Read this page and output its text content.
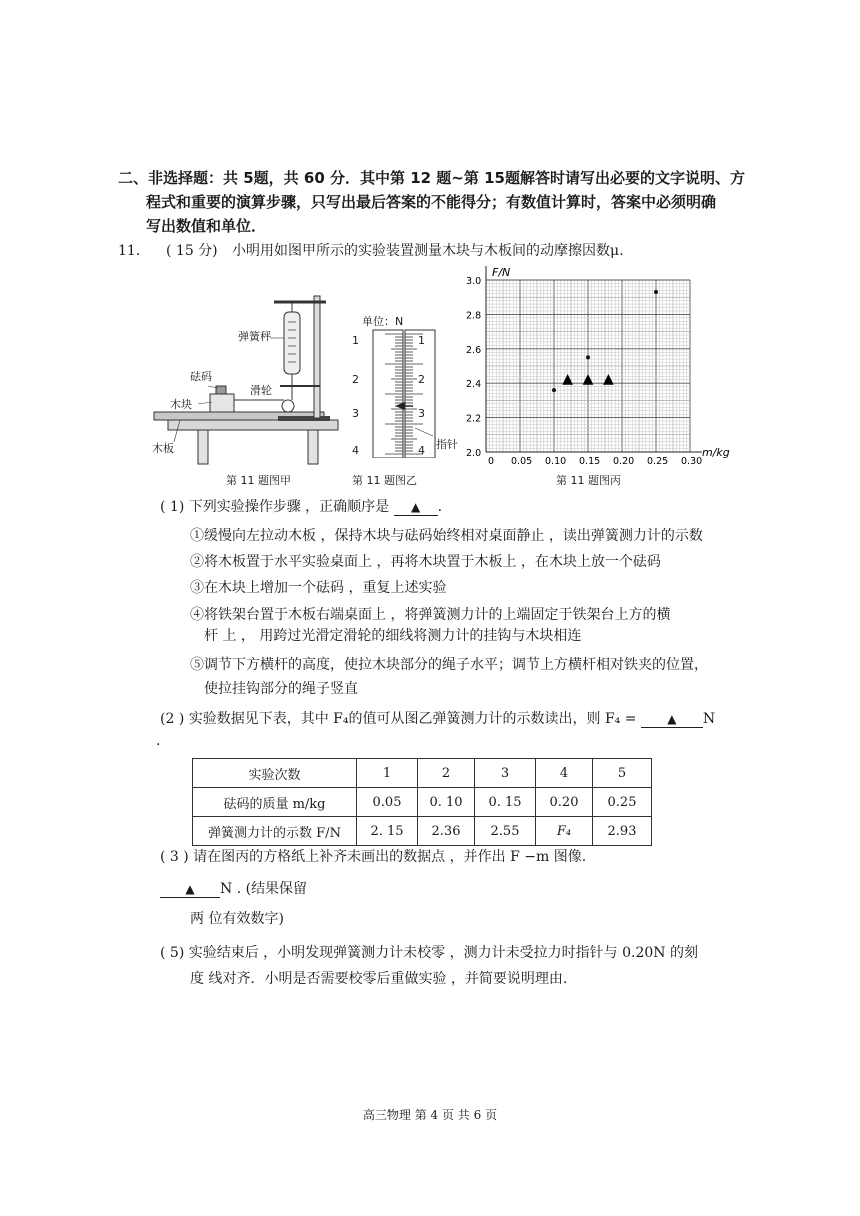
二、非选择题：共 5题，共 60 分．其中第 12 题~第 15题解答时请写出必要的文字说明、方
程式和重要的演算步骤，只写出最后答案的不能得分；有数值计算时，答案中必须明确
写出数值和单位．
11． ( 15 分) 小明用如图甲所示的实验装置测量木块与木板间的动摩擦因数μ.
弹簧秤
砝码
滑轮
木块
木板
单位：N
1
2
3
4
1
2
3
4 指针
0 0.05 0.10 0.15 0.20 0.25 0.30
2.0
2.2
2.4
2.6
2.8
3.0
▲ ▲ ▲
F/N
m/kg
第 11 题图甲	第 11 题图乙	第 11 题图丙
( 1) 下列实验操作步骤 ，正确顺序是 ▲ .
①缓慢向左拉动木板 ，保持木块与砝码始终相对桌面静止 ，读出弹簧测力计的示数
②将木板置于水平实验桌面上 ，再将木块置于木板上 ，在木块上放一个砝码
③在木块上增加一个砝码 ，重复上述实验
④将铁架台置于木板右端桌面上 ，将弹簧测力计的上端固定于铁架台上方的横
杆 上 ， 用跨过光滑定滑轮的细线将测力计的挂钩与木块相连
⑤调节下方横杆的高度，使拉木块部分的绳子水平；调节上方横杆相对铁夹的位置，
使拉挂钩部分的绳子竖直
(2 ) 实验数据见下表，其中 F₄的值可从图乙弹簧测力计的示数读出，则 F₄ =	▲ N
.
实验次数	1	2	3	4	5
砝码的质量 m/kg	0.05	0. 10	0. 15	0.20	0.25
弹簧测力计的示数 F/N	2. 15	2.36	2.55	F₄	2.93
( 3 ) 请在图丙的方格纸上补齐未画出的数据点 ，并作出 F −m 图像.
▲ N . (结果保留
两 位有效数字)
( 5) 实验结束后 ，小明发现弹簧测力计未校零 ，测力计未受拉力时指针与 0.20N 的刻
度 线对齐．小明是否需要校零后重做实验 ，并简要说明理由.
高三物理 第 4 页 共 6 页
